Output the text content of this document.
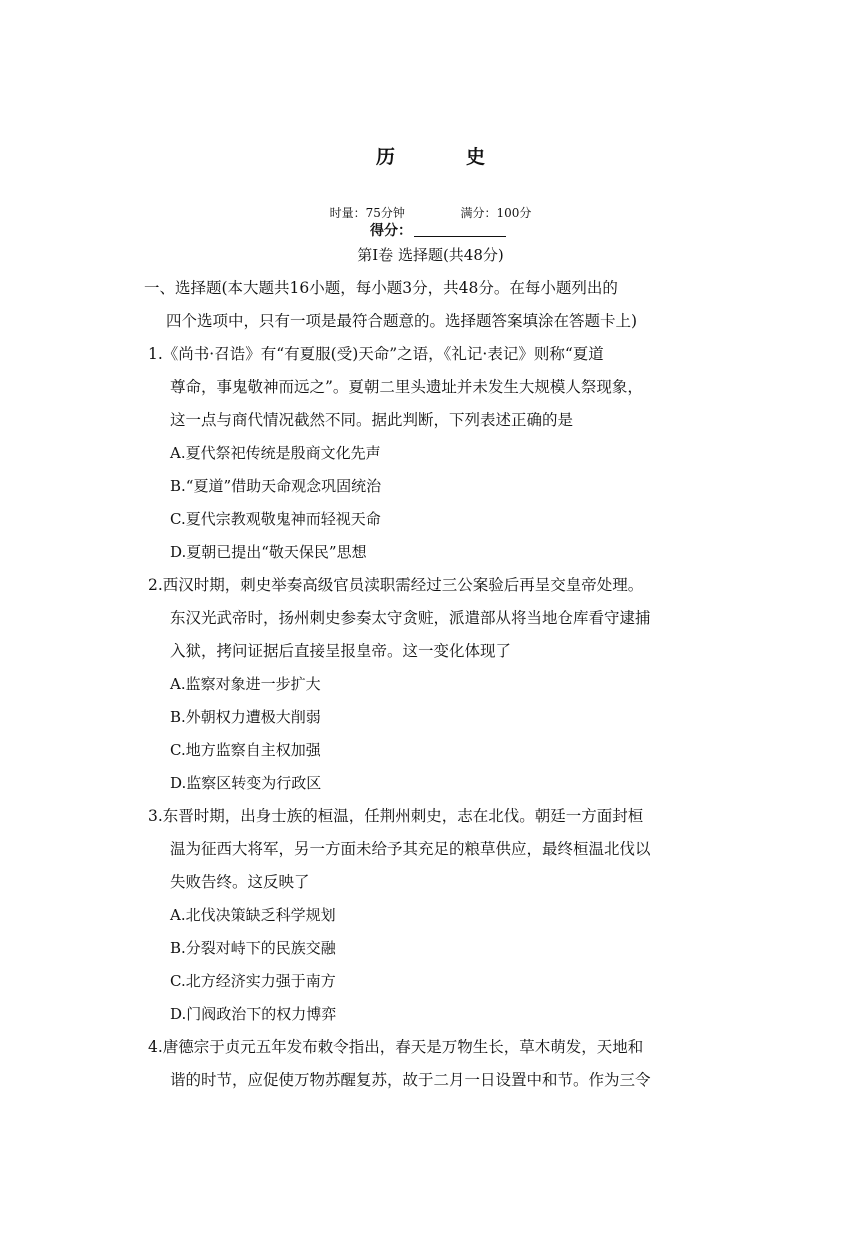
历　史
时量：75分钟	满分：100分
得分：
第Ⅰ卷 选择题(共48分)
一、选择题(本大题共16小题，每小题3分，共48分。在每小题列出的
四个选项中，只有一项是最符合题意的。选择题答案填涂在答题卡上)
1.《尚书·召诰》有“有夏服(受)天命”之语，《礼记·表记》则称“夏道
尊命，事鬼敬神而远之”。夏朝二里头遗址并未发生大规模人祭现象，
这一点与商代情况截然不同。据此判断，下列表述正确的是
A.夏代祭祀传统是殷商文化先声
B.“夏道”借助天命观念巩固统治
C.夏代宗教观敬鬼神而轻视天命
D.夏朝已提出“敬天保民”思想
2.西汉时期，刺史举奏高级官员渎职需经过三公案验后再呈交皇帝处理。
东汉光武帝时，扬州刺史参奏太守贪赃，派遣部从将当地仓库看守逮捕
入狱，拷问证据后直接呈报皇帝。这一变化体现了
A.监察对象进一步扩大
B.外朝权力遭极大削弱
C.地方监察自主权加强
D.监察区转变为行政区
3.东晋时期，出身士族的桓温，任荆州刺史，志在北伐。朝廷一方面封桓
温为征西大将军，另一方面未给予其充足的粮草供应，最终桓温北伐以
失败告终。这反映了
A.北伐决策缺乏科学规划
B.分裂对峙下的民族交融
C.北方经济实力强于南方
D.门阀政治下的权力博弈
4.唐德宗于贞元五年发布敕令指出，春天是万物生长，草木萌发，天地和
谐的时节，应促使万物苏醒复苏，故于二月一日设置中和节。作为三令
